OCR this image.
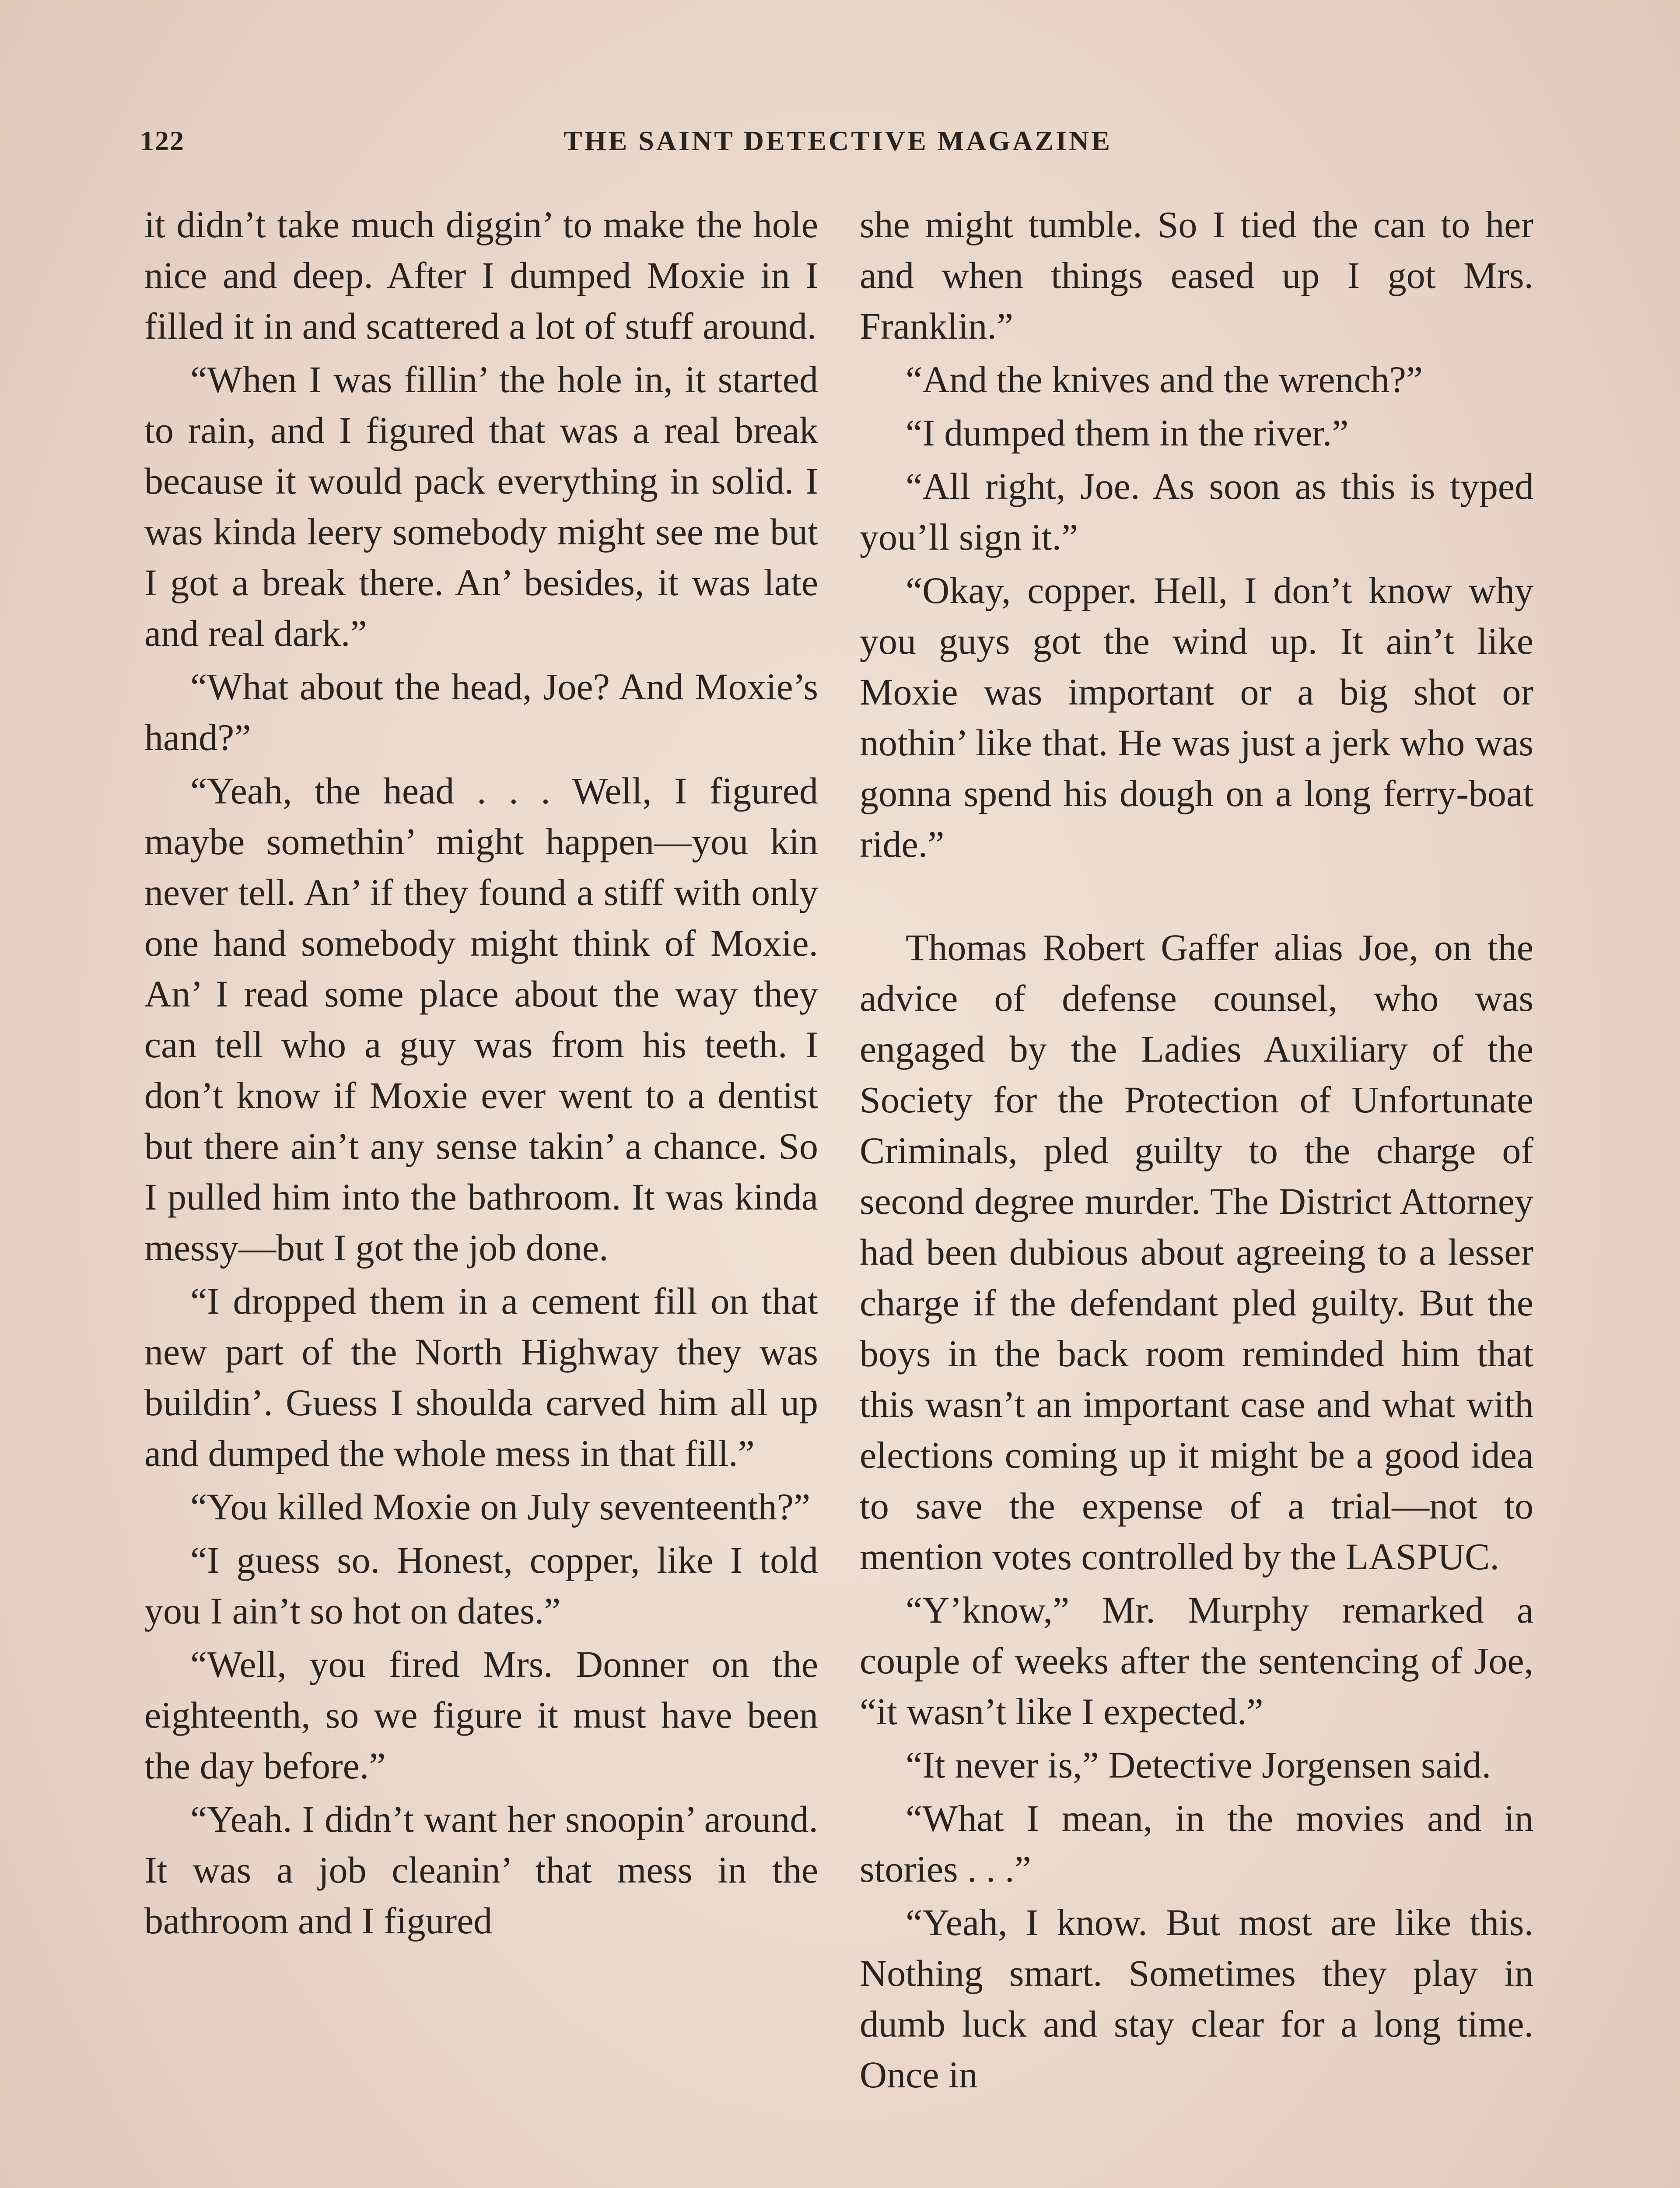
122	THE SAINT DETECTIVE MAGAZINE

it didn’t take much diggin’ to make the hole nice and deep. After I dumped Moxie in I filled it in and scattered a lot of stuff around.

“When I was fillin’ the hole in, it started to rain, and I figured that was a real break because it would pack everything in solid. I was kinda leery somebody might see me but I got a break there. An’ besides, it was late and real dark.”

“What about the head, Joe? And Moxie’s hand?”

“Yeah, the head . . . Well, I figured maybe somethin’ might happen—you kin never tell. An’ if they found a stiff with only one hand somebody might think of Moxie. An’ I read some place about the way they can tell who a guy was from his teeth. I don’t know if Moxie ever went to a dentist but there ain’t any sense takin’ a chance. So I pulled him into the bathroom. It was kinda messy—but I got the job done.

“I dropped them in a cement fill on that new part of the North Highway they was buildin’. Guess I shoulda carved him all up and dumped the whole mess in that fill.”

“You killed Moxie on July seventeenth?”

“I guess so. Honest, copper, like I told you I ain’t so hot on dates.”

“Well, you fired Mrs. Donner on the eighteenth, so we figure it must have been the day before.”

“Yeah. I didn’t want her snoopin’ around. It was a job cleanin’ that mess in the bathroom and I figured

she might tumble. So I tied the can to her and when things eased up I got Mrs. Franklin.”

“And the knives and the wrench?”

“I dumped them in the river.”

“All right, Joe. As soon as this is typed you’ll sign it.”

“Okay, copper. Hell, I don’t know why you guys got the wind up. It ain’t like Moxie was important or a big shot or nothin’ like that. He was just a jerk who was gonna spend his dough on a long ferry-boat ride.”

Thomas Robert Gaffer alias Joe, on the advice of defense counsel, who was engaged by the Ladies Auxiliary of the Society for the Protection of Unfortunate Criminals, pled guilty to the charge of second degree murder. The District Attorney had been dubious about agreeing to a lesser charge if the defendant pled guilty. But the boys in the back room reminded him that this wasn’t an important case and what with elections coming up it might be a good idea to save the expense of a trial—not to mention votes controlled by the LASPUC.

“Y’know,” Mr. Murphy remarked a couple of weeks after the sentencing of Joe, “it wasn’t like I expected.”

“It never is,” Detective Jorgensen said.

“What I mean, in the movies and in stories . . .”

“Yeah, I know. But most are like this. Nothing smart. Sometimes they play in dumb luck and stay clear for a long time. Once in
